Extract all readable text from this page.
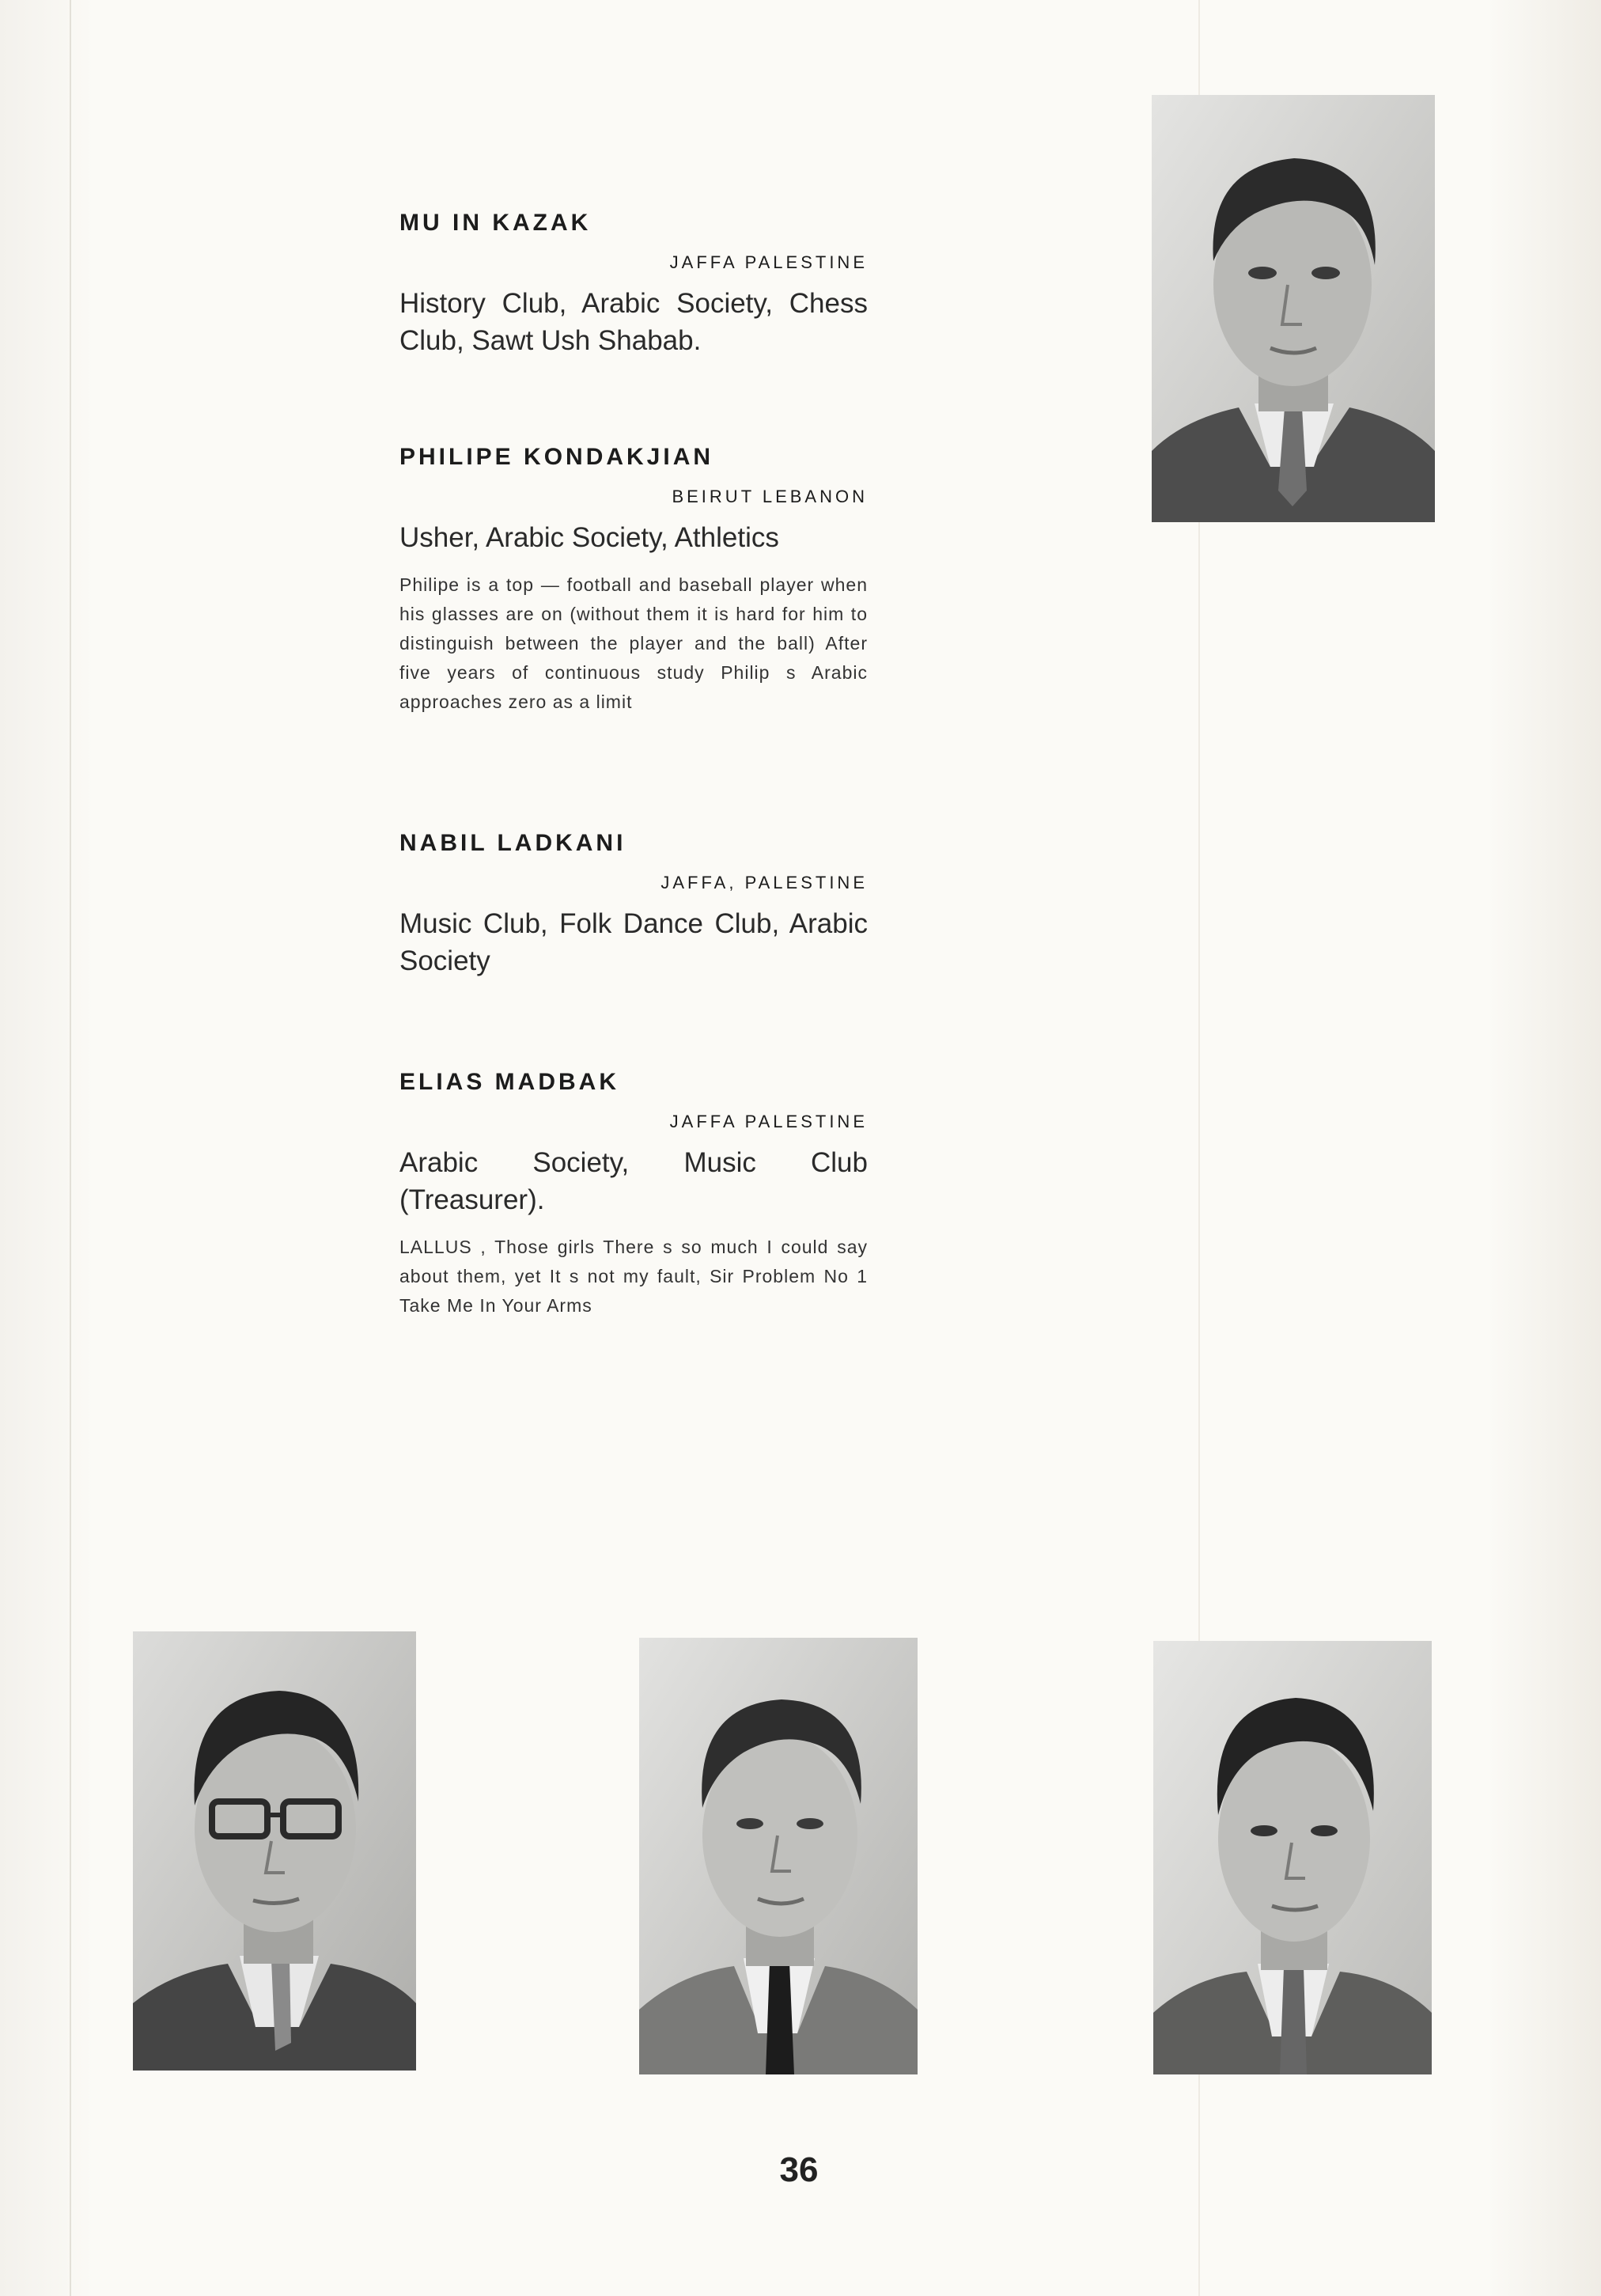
MU IN KAZAK

JAFFA PALESTINE

History Club, Arabic Society, Chess Club, Sawt Ush Shabab.

PHILIPE KONDAKJIAN

BEIRUT LEBANON

Usher, Arabic Society, Athletics

Philipe is a top — football and baseball player when his glasses are on (without them it is hard for him to distinguish between the player and the ball) After five years of continuous study Philip s Arabic approaches zero as a limit

NABIL LADKANI

JAFFA, PALESTINE

Music Club, Folk Dance Club, Arabic Society

ELIAS MADBAK

JAFFA PALESTINE

Arabic Society, Music Club (Treasurer).

LALLUS , Those girls There s so much I could say about them, yet It s not my fault, Sir Problem No 1 Take Me In Your Arms

36
